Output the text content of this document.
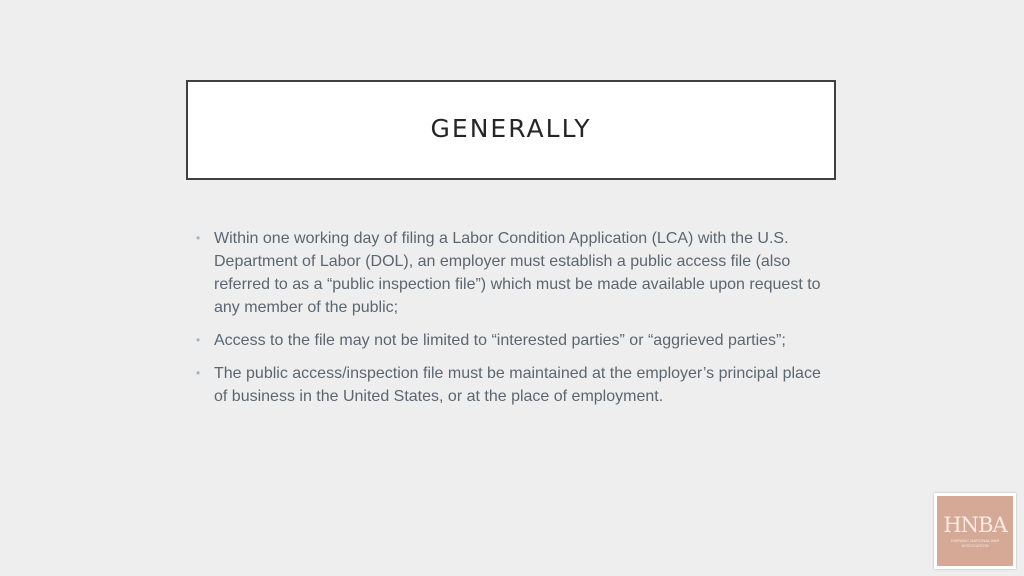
GENERALLY
• Within one working day of filing a Labor Condition Application (LCA) with the U.S. Department of Labor (DOL), an employer must establish a public access file (also referred to as a “public inspection file”) which must be made available upon request to any member of the public;
• Access to the file may not be limited to “interested parties” or “aggrieved parties”;
• The public access/inspection file must be maintained at the employer’s principal place of business in the United States, or at the place of employment.
HNBA
HISPANIC NATIONAL BAR ASSOCIATION
